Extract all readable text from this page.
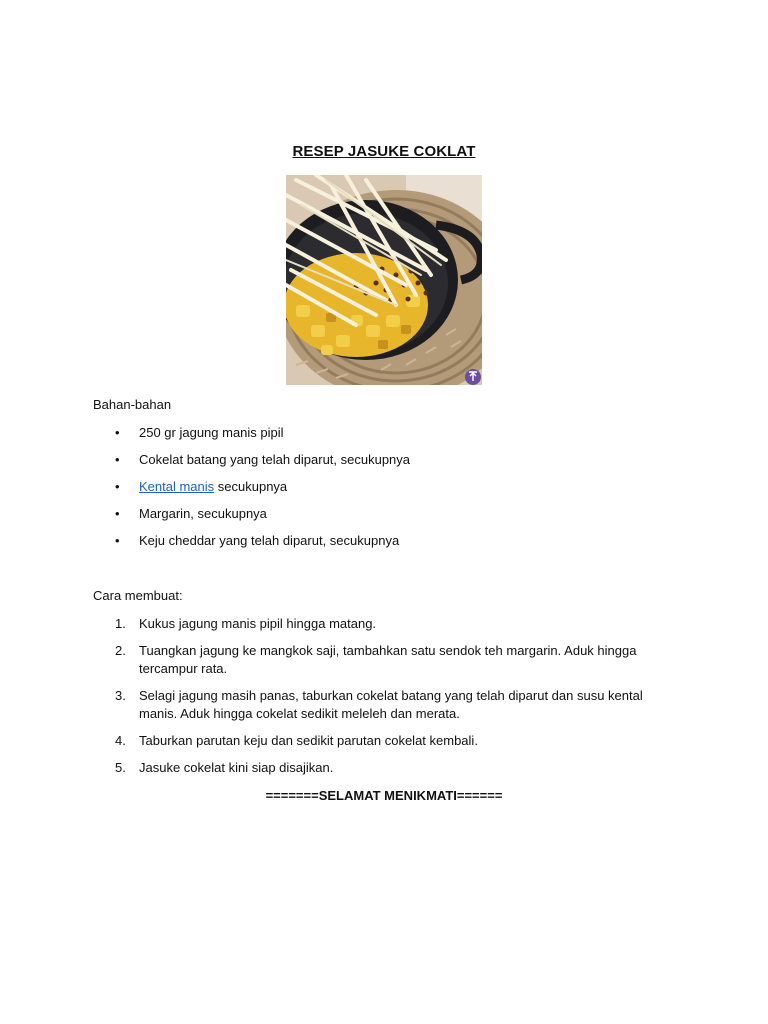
RESEP JASUKE COKLAT
Bahan-bahan
• 250 gr jagung manis pipil
• Cokelat batang yang telah diparut, secukupnya
• Kental manis secukupnya
• Margarin, secukupnya
• Keju cheddar yang telah diparut, secukupnya
Cara membuat:
1. Kukus jagung manis pipil hingga matang.
2. Tuangkan jagung ke mangkok saji, tambahkan satu sendok teh margarin. Aduk hingga tercampur rata.
3. Selagi jagung masih panas, taburkan cokelat batang yang telah diparut dan susu kental manis. Aduk hingga cokelat sedikit meleleh dan merata.
4. Taburkan parutan keju dan sedikit parutan cokelat kembali.
5. Jasuke cokelat kini siap disajikan.
=======SELAMAT MENIKMATI======
